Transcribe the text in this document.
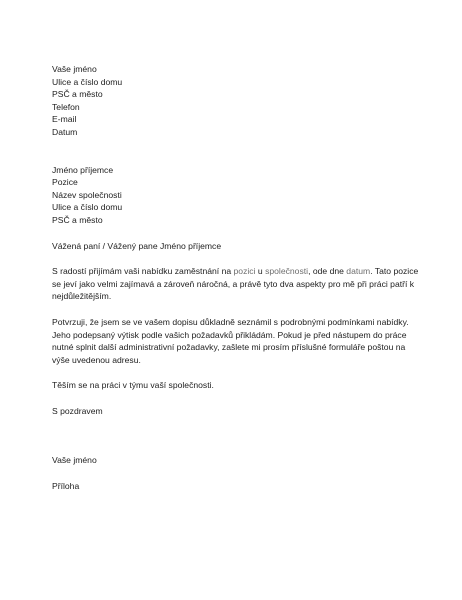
Vaše jméno
Ulice a číslo domu
PSČ a město
Telefon
E-mail
Datum
Jméno příjemce
Pozice
Název společnosti
Ulice a číslo domu
PSČ a město

Vážená paní / Vážený pane Jméno příjemce

S radostí přijímám vaši nabídku zaměstnání na pozici u společnosti, ode dne datum. Tato pozice se jeví jako velmi zajímavá a zároveň náročná, a právě tyto dva aspekty pro mě při práci patří k nejdůležitějším.

Potvrzuji, že jsem se ve vašem dopisu důkladně seznámil s podrobnými podmínkami nabídky. Jeho podepsaný výtisk podle vašich požadavků přikládám. Pokud je před nástupem do práce nutné splnit další administrativní požadavky, zašlete mi prosím příslušné formuláře poštou na výše uvedenou adresu.

Těším se na práci v týmu vaší společnosti.

S pozdravem

Vaše jméno

Příloha
